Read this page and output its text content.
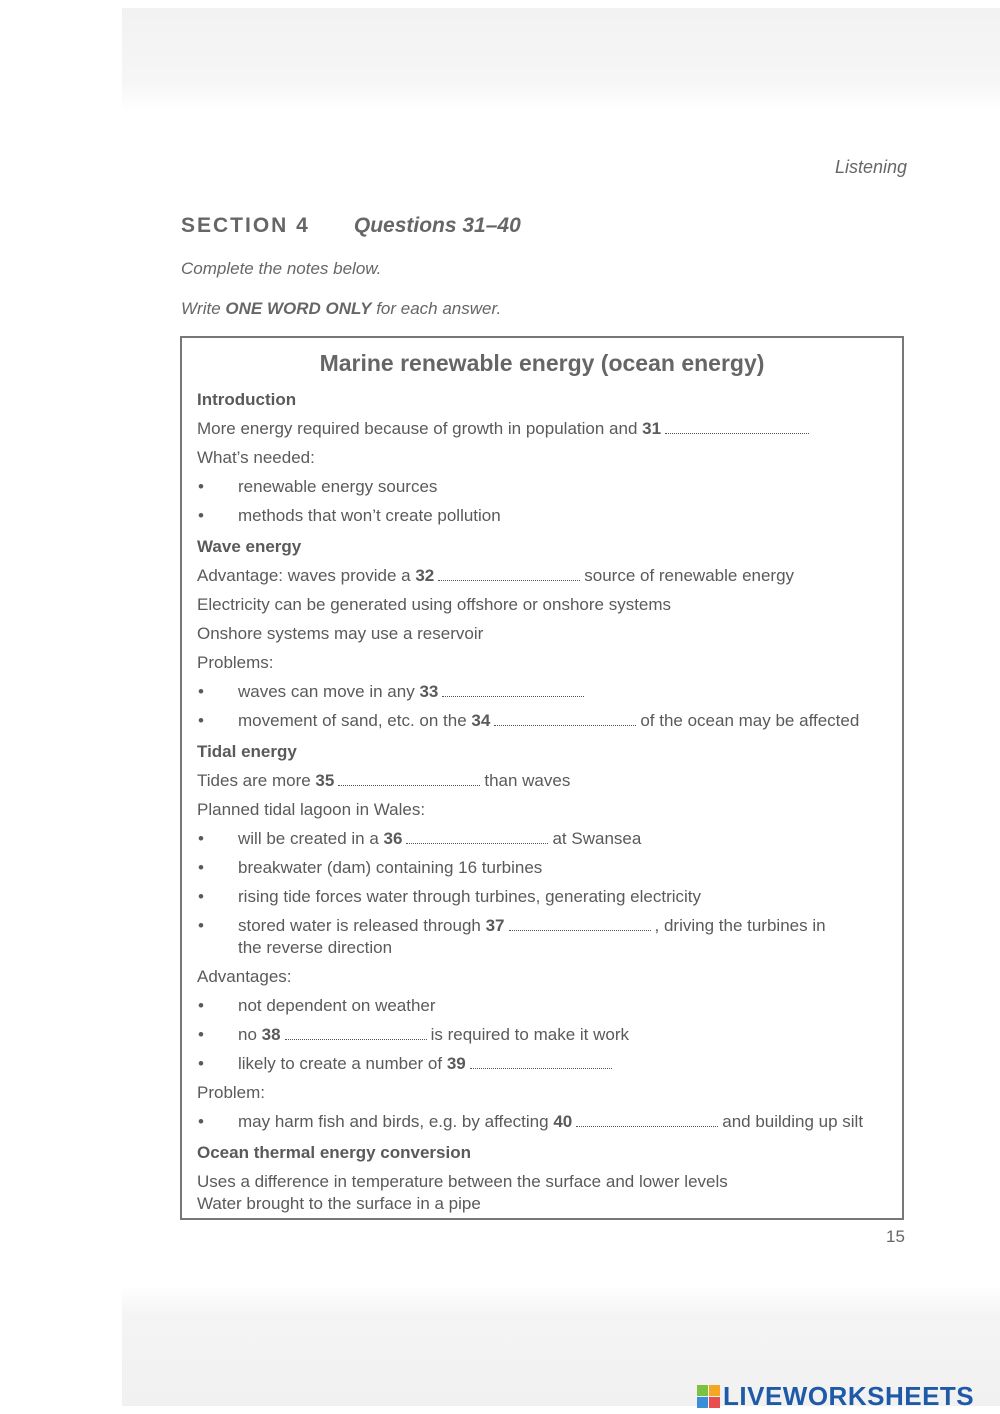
Listening
SECTION 4 Questions 31–40
Complete the notes below.
Write ONE WORD ONLY for each answer.
Marine renewable energy (ocean energy)
Introduction
More energy required because of growth in population and 31
What’s needed:
• renewable energy sources
• methods that won’t create pollution
Wave energy
Advantage: waves provide a 32	source of renewable energy
Electricity can be generated using offshore or onshore systems
Onshore systems may use a reservoir
Problems:
• waves can move in any 33
• movement of sand, etc. on the 34	of the ocean may be affected
Tidal energy
Tides are more 35	than waves
Planned tidal lagoon in Wales:
• will be created in a 36	at Swansea
• breakwater (dam) containing 16 turbines
• rising tide forces water through turbines, generating electricity
• stored water is released through 37	, driving the turbines in
the reverse direction
Advantages:
• not dependent on weather
• no 38	is required to make it work
• likely to create a number of 39
Problem:
• may harm fish and birds, e.g. by affecting 40	and building up silt
Ocean thermal energy conversion
Uses a difference in temperature between the surface and lower levels
Water brought to the surface in a pipe
15
LIVEWORKSHEETS
